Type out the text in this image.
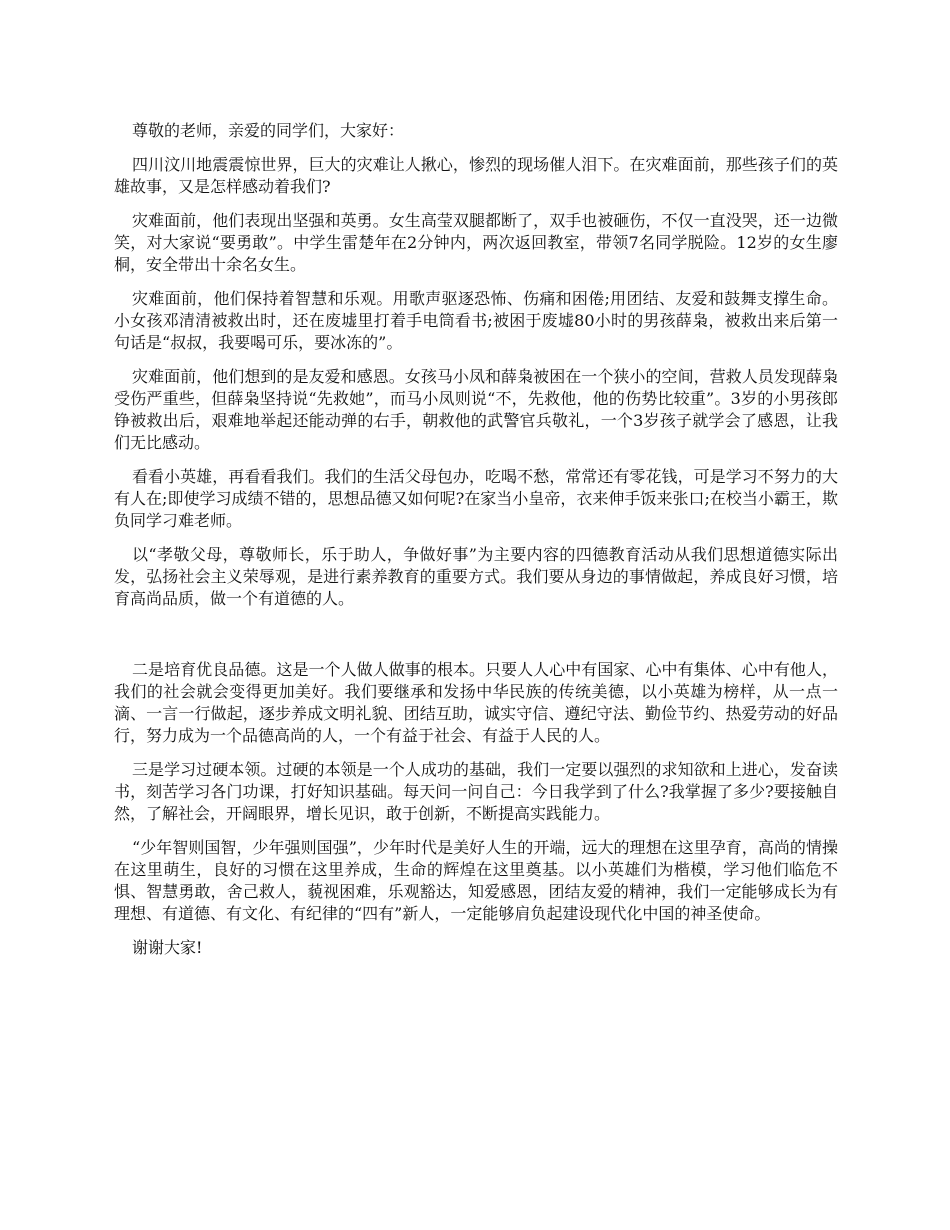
尊敬的老师，亲爱的同学们，大家好：

四川汶川地震震惊世界，巨大的灾难让人揪心，惨烈的现场催人泪下。在灾难面前，那些孩子们的英雄故事，又是怎样感动着我们?

灾难面前，他们表现出坚强和英勇。女生高莹双腿都断了，双手也被砸伤，不仅一直没哭，还一边微笑，对大家说“要勇敢”。中学生雷楚年在2分钟内，两次返回教室，带领7名同学脱险。12岁的女生廖桐，安全带出十余名女生。

灾难面前，他们保持着智慧和乐观。用歌声驱逐恐怖、伤痛和困倦;用团结、友爱和鼓舞支撑生命。小女孩邓清清被救出时，还在废墟里打着手电筒看书;被困于废墟80小时的男孩薛枭，被救出来后第一句话是“叔叔，我要喝可乐，要冰冻的”。

灾难面前，他们想到的是友爱和感恩。女孩马小凤和薛枭被困在一个狭小的空间，营救人员发现薛枭受伤严重些，但薛枭坚持说“先救她”，而马小凤则说“不，先救他，他的伤势比较重”。3岁的小男孩郎铮被救出后，艰难地举起还能动弹的右手，朝救他的武警官兵敬礼，一个3岁孩子就学会了感恩，让我们无比感动。

看看小英雄，再看看我们。我们的生活父母包办，吃喝不愁，常常还有零花钱，可是学习不努力的大有人在;即使学习成绩不错的，思想品德又如何呢?在家当小皇帝，衣来伸手饭来张口;在校当小霸王，欺负同学刁难老师。

以“孝敬父母，尊敬师长，乐于助人，争做好事”为主要内容的四德教育活动从我们思想道德实际出发，弘扬社会主义荣辱观，是进行素养教育的重要方式。我们要从身边的事情做起，养成良好习惯，培育高尚品质，做一个有道德的人。

二是培育优良品德。这是一个人做人做事的根本。只要人人心中有国家、心中有集体、心中有他人，我们的社会就会变得更加美好。我们要继承和发扬中华民族的传统美德，以小英雄为榜样，从一点一滴、一言一行做起，逐步养成文明礼貌、团结互助，诚实守信、遵纪守法、勤俭节约、热爱劳动的好品行，努力成为一个品德高尚的人，一个有益于社会、有益于人民的人。

三是学习过硬本领。过硬的本领是一个人成功的基础，我们一定要以强烈的求知欲和上进心，发奋读书，刻苦学习各门功课，打好知识基础。每天问一问自己：今日我学到了什么?我掌握了多少?要接触自然，了解社会，开阔眼界，增长见识，敢于创新，不断提高实践能力。

“少年智则国智，少年强则国强”，少年时代是美好人生的开端，远大的理想在这里孕育，高尚的情操在这里萌生，良好的习惯在这里养成，生命的辉煌在这里奠基。以小英雄们为楷模，学习他们临危不惧、智慧勇敢，舍己救人，藐视困难，乐观豁达，知爱感恩，团结友爱的精神，我们一定能够成长为有理想、有道德、有文化、有纪律的“四有”新人，一定能够肩负起建设现代化中国的神圣使命。

谢谢大家!
